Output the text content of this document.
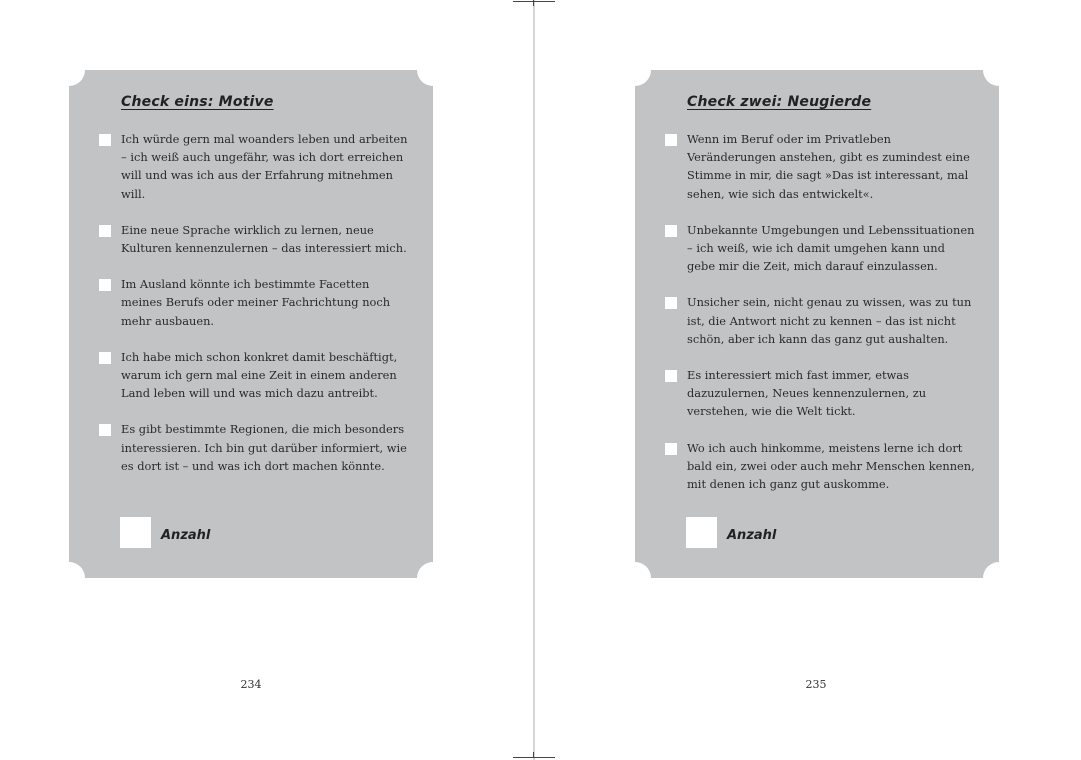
Check eins: Motive
Ich würde gern mal woanders leben und arbeiten – ich weiß auch ungefähr, was ich dort erreichen will und was ich aus der Erfahrung mitnehmen will.
Eine neue Sprache wirklich zu lernen, neue Kulturen kennenzulernen – das interessiert mich.
Im Ausland könnte ich bestimmte Facetten meines Berufs oder meiner Fachrichtung noch mehr ausbauen.
Ich habe mich schon konkret damit beschäftigt, warum ich gern mal eine Zeit in einem anderen Land leben will und was mich dazu antreibt.
Es gibt bestimmte Regionen, die mich besonders interessieren. Ich bin gut darüber informiert, wie es dort ist – und was ich dort machen könnte.
Anzahl
234
Check zwei: Neugierde
Wenn im Beruf oder im Privatleben Veränderungen anstehen, gibt es zumindest eine Stimme in mir, die sagt »Das ist interessant, mal sehen, wie sich das entwickelt«.
Unbekannte Umgebungen und Lebenssituationen – ich weiß, wie ich damit umgehen kann und gebe mir die Zeit, mich darauf einzulassen.
Unsicher sein, nicht genau zu wissen, was zu tun ist, die Antwort nicht zu kennen – das ist nicht schön, aber ich kann das ganz gut aushalten.
Es interessiert mich fast immer, etwas dazuzulernen, Neues kennenzulernen, zu verstehen, wie die Welt tickt.
Wo ich auch hinkomme, meistens lerne ich dort bald ein, zwei oder auch mehr Menschen kennen, mit denen ich ganz gut auskomme.
Anzahl
235
